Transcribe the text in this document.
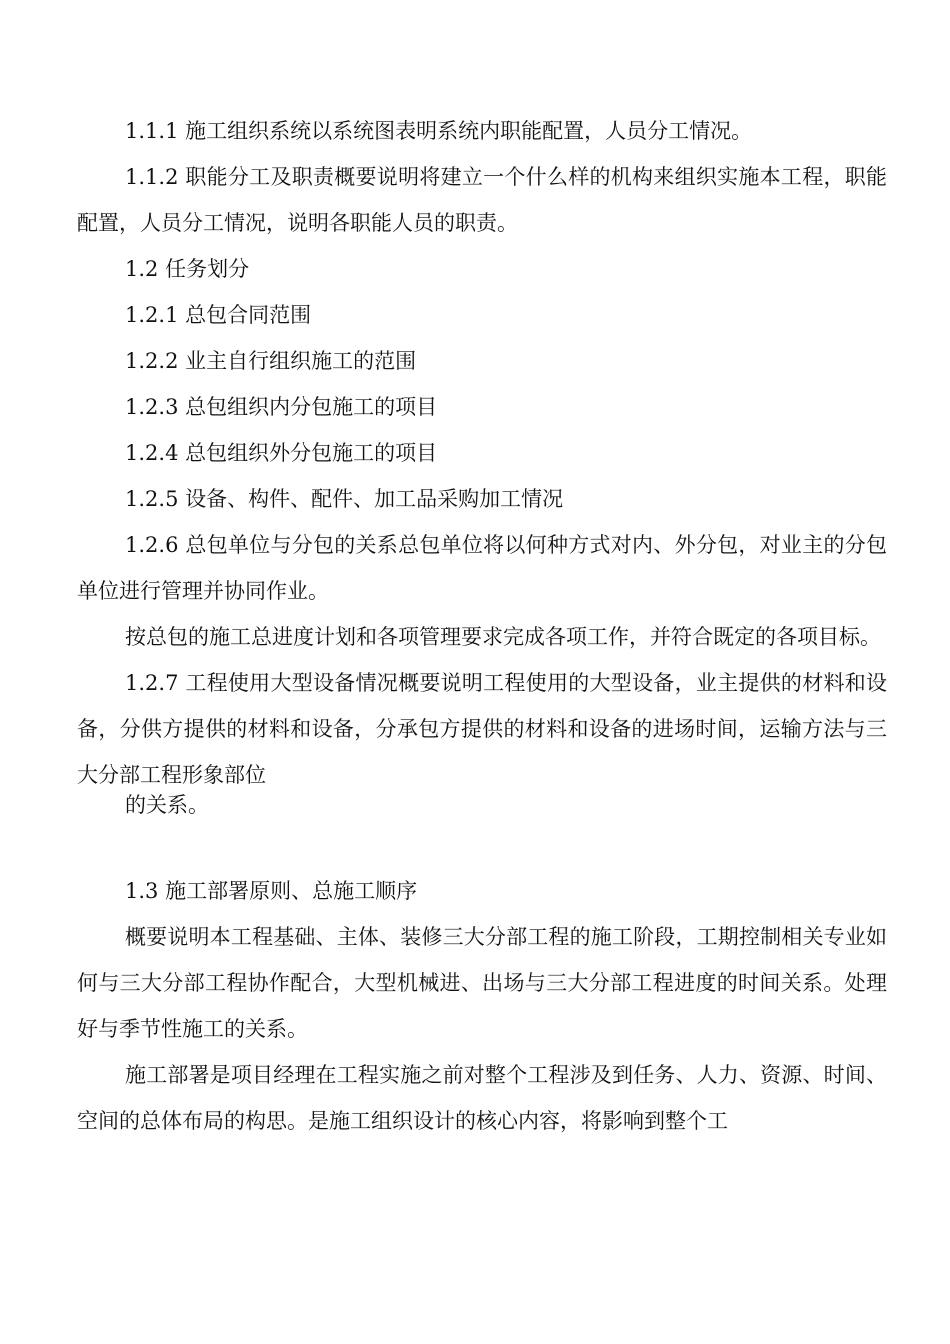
1.1.1 施工组织系统以系统图表明系统内职能配置，人员分工情况。

1.1.2 职能分工及职责概要说明将建立一个什么样的机构来组织实施本工程，职能配置，人员分工情况，说明各职能人员的职责。

1.2 任务划分

1.2.1 总包合同范围

1.2.2 业主自行组织施工的范围

1.2.3 总包组织内分包施工的项目

1.2.4 总包组织外分包施工的项目

1.2.5 设备、构件、配件、加工品采购加工情况

1.2.6 总包单位与分包的关系总包单位将以何种方式对内、外分包，对业主的分包单位进行管理并协同作业。

按总包的施工总进度计划和各项管理要求完成各项工作，并符合既定的各项目标。

1.2.7 工程使用大型设备情况概要说明工程使用的大型设备，业主提供的材料和设备，分供方提供的材料和设备，分承包方提供的材料和设备的进场时间，运输方法与三大分部工程形象部位

的关系。

1.3 施工部署原则、总施工顺序

概要说明本工程基础、主体、装修三大分部工程的施工阶段，工期控制相关专业如何与三大分部工程协作配合，大型机械进、出场与三大分部工程进度的时间关系。处理好与季节性施工的关系。

施工部署是项目经理在工程实施之前对整个工程涉及到任务、人力、资源、时间、空间的总体布局的构思。是施工组织设计的核心内容，将影响到整个工
